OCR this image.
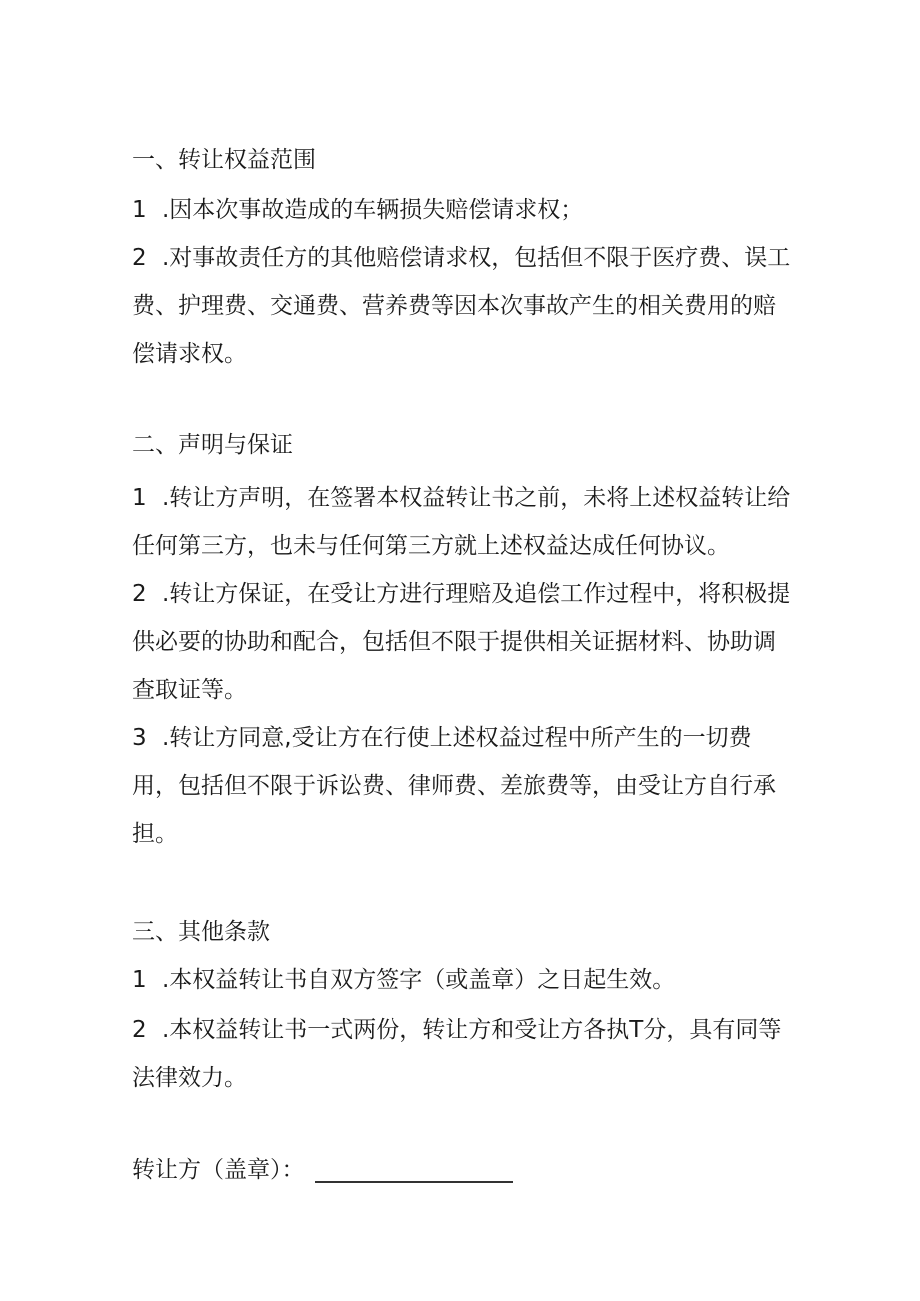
一、转让权益范围
1 .因本次事故造成的车辆损失赔偿请求权；
2 .对事故责任方的其他赔偿请求权，包括但不限于医疗费、误工
费、护理费、交通费、营养费等因本次事故产生的相关费用的赔
偿请求权。
二、声明与保证
1 .转让方声明，在签署本权益转让书之前，未将上述权益转让给
任何第三方，也未与任何第三方就上述权益达成任何协议。
2 .转让方保证，在受让方进行理赔及追偿工作过程中，将积极提
供必要的协助和配合，包括但不限于提供相关证据材料、协助调
查取证等。
3 .转让方同意,受让方在行使上述权益过程中所产生的一切费
用，包括但不限于诉讼费、律师费、差旅费等，由受让方自行承
担。
三、其他条款
1 .本权益转让书自双方签字（或盖章）之日起生效。
2 .本权益转让书一式两份，转让方和受让方各执T分，具有同等
法律效力。
转让方（盖章）：
